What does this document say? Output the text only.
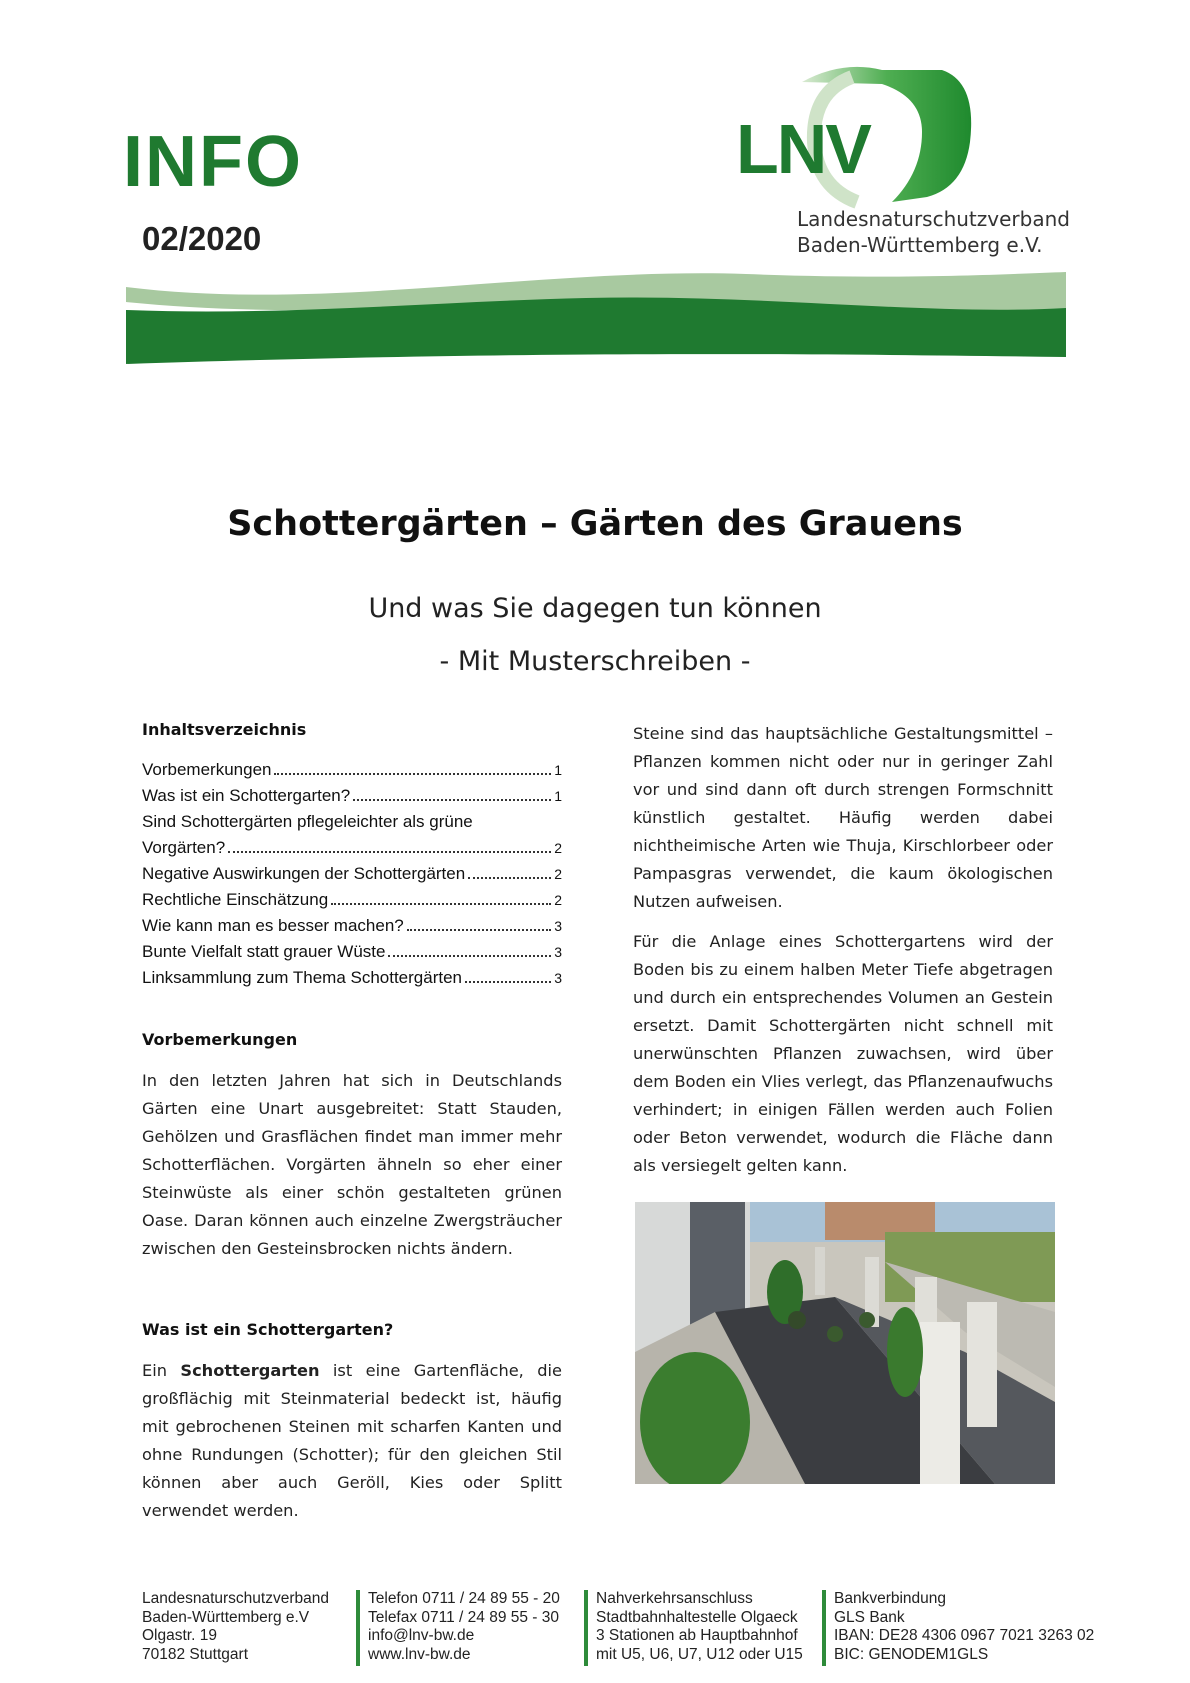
INFO
02/2020
LNV
Landesnaturschutzverband
Baden-Württemberg e.V.
Schottergärten – Gärten des Grauens
Und was Sie dagegen tun können
- Mit Musterschreiben -
Inhaltsverzeichnis
Vorbemerkungen	1
Was ist ein Schottergarten?	1
Sind Schottergärten pflegeleichter als grüne
Vorgärten?	2
Negative Auswirkungen der Schottergärten	2
Rechtliche Einschätzung	2
Wie kann man es besser machen?	3
Bunte Vielfalt statt grauer Wüste	3
Linksammlung zum Thema Schottergärten	3
Vorbemerkungen

In den letzten Jahren hat sich in Deutschlands Gärten eine Unart ausgebreitet: Statt Stauden, Gehölzen und Grasflächen findet man immer mehr Schotterflächen. Vorgärten ähneln so eher einer Steinwüste als einer schön gestalteten grünen Oase. Daran können auch einzelne Zwergsträucher zwischen den Gesteinsbrocken nichts ändern.

Was ist ein Schottergarten?

Ein Schottergarten ist eine Gartenfläche, die großflächig mit Steinmaterial bedeckt ist, häufig mit gebrochenen Steinen mit scharfen Kanten und ohne Rundungen (Schotter); für den gleichen Stil können aber auch Geröll, Kies oder Splitt verwendet werden.

Steine sind das hauptsächliche Gestaltungsmittel – Pflanzen kommen nicht oder nur in geringer Zahl vor und sind dann oft durch strengen Formschnitt künstlich gestaltet. Häufig werden dabei nichtheimische Arten wie Thuja, Kirschlorbeer oder Pampasgras verwendet, die kaum ökologischen Nutzen aufweisen.

Für die Anlage eines Schottergartens wird der Boden bis zu einem halben Meter Tiefe abgetragen und durch ein entsprechendes Volumen an Gestein ersetzt. Damit Schottergärten nicht schnell mit unerwünschten Pflanzen zuwachsen, wird über dem Boden ein Vlies verlegt, das Pflanzenaufwuchs verhindert; in einigen Fällen werden auch Folien oder Beton verwendet, wodurch die Fläche dann als versiegelt gelten kann.

Landesnaturschutzverband
Baden-Württemberg e.V
Olgastr. 19
70182 Stuttgart
Telefon 0711 / 24 89 55 - 20
Telefax 0711 / 24 89 55 - 30
info@lnv-bw.de
www.lnv-bw.de
Nahverkehrsanschluss
Stadtbahnhaltestelle Olgaeck
3 Stationen ab Hauptbahnhof
mit U5, U6, U7, U12 oder U15
Bankverbindung
GLS Bank
IBAN: DE28 4306 0967 7021 3263 02
BIC: GENODEM1GLS
